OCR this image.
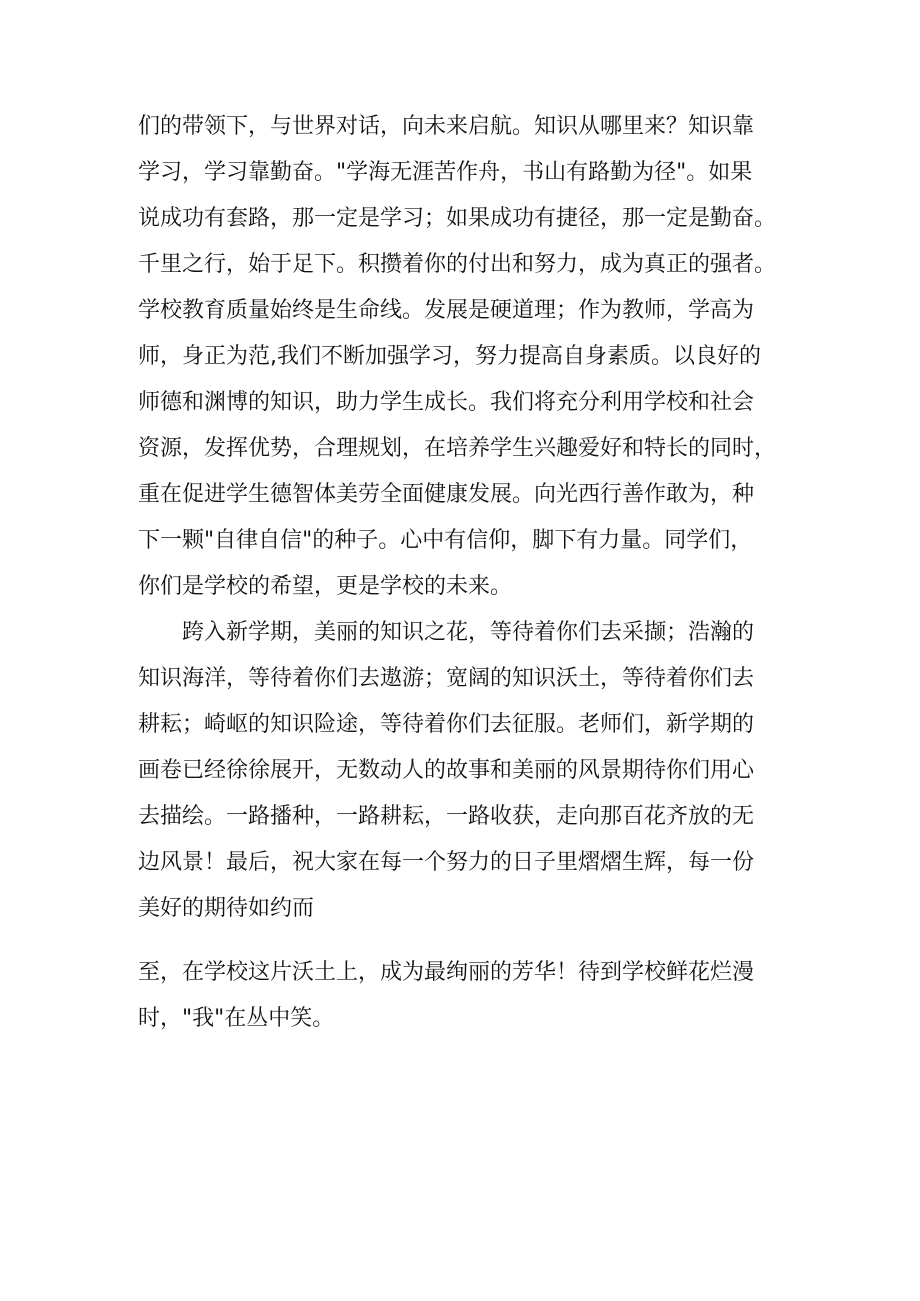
们的带领下，与世界对话，向未来启航。知识从哪里来？知识靠
学习，学习靠勤奋。"学海无涯苦作舟，书山有路勤为径"。如果
说成功有套路，那一定是学习；如果成功有捷径，那一定是勤奋。
千里之行，始于足下。积攒着你的付出和努力，成为真正的强者。
学校教育质量始终是生命线。发展是硬道理；作为教师，学高为
师，身正为范,我们不断加强学习，努力提高自身素质。以良好的
师德和渊博的知识，助力学生成长。我们将充分利用学校和社会
资源，发挥优势，合理规划，在培养学生兴趣爱好和特长的同时，
重在促进学生德智体美劳全面健康发展。向光西行善作敢为，种
下一颗"自律自信"的种子。心中有信仰，脚下有力量。同学们，
你们是学校的希望，更是学校的未来。
跨入新学期，美丽的知识之花，等待着你们去采撷；浩瀚的
知识海洋，等待着你们去遨游；宽阔的知识沃土，等待着你们去
耕耘；崎岖的知识险途，等待着你们去征服。老师们，新学期的
画卷已经徐徐展开，无数动人的故事和美丽的风景期待你们用心
去描绘。一路播种，一路耕耘，一路收获，走向那百花齐放的无
边风景！最后，祝大家在每一个努力的日子里熠熠生辉，每一份
美好的期待如约而
至，在学校这片沃土上，成为最绚丽的芳华！待到学校鲜花烂漫
时，"我"在丛中笑。
